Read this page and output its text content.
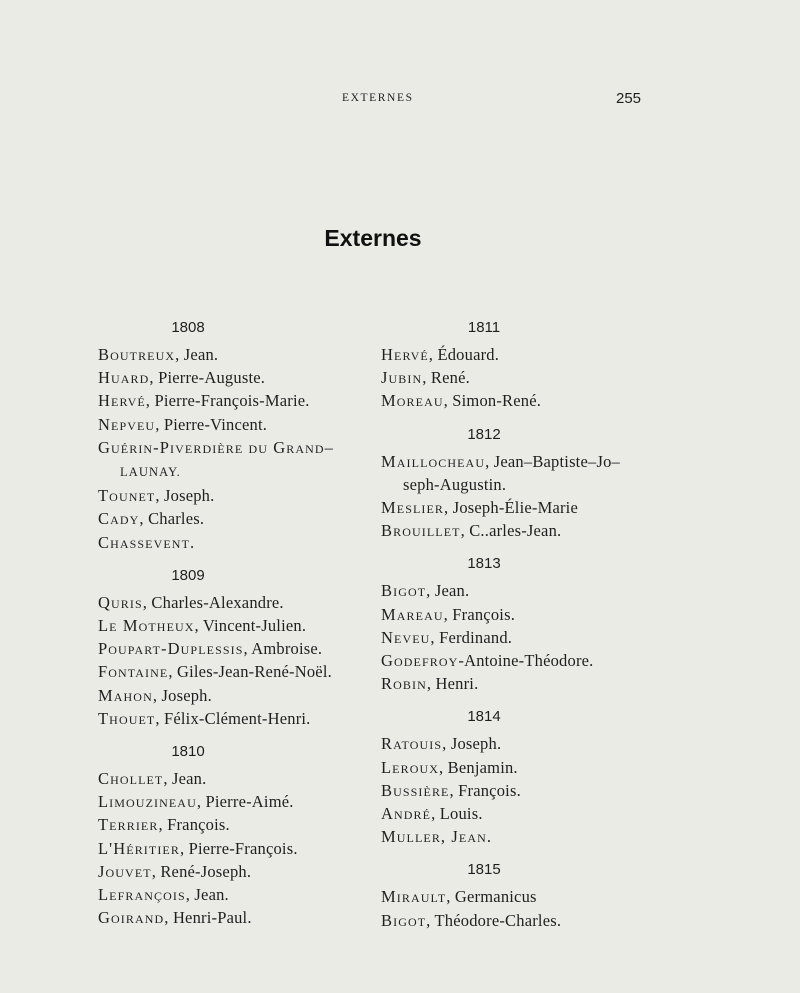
EXTERNES	255
Externes
1808
Boutreux, Jean.
Huard, Pierre-Auguste.
Hervé, Pierre-François-Marie.
Nepveu, Pierre-Vincent.
Guérin-Piverdière du Grand–
LAUNAY.
Tounet, Joseph.
Cady, Charles.
Chassevent.
1809
Quris, Charles-Alexandre.
Le Motheux, Vincent-Julien.
Poupart-Duplessis, Ambroise.
Fontaine, Giles-Jean-René-Noël.
Mahon, Joseph.
Thouet, Félix-Clément-Henri.
1810
Chollet, Jean.
Limouzineau, Pierre-Aimé.
Terrier, François.
L'Héritier, Pierre-François.
Jouvet, René-Joseph.
Lefrançois, Jean.
Goirand, Henri-Paul.
1811
Hervé, Édouard.
Jubin, René.
Moreau, Simon-René.
1812
Maillocheau, Jean–Baptiste–Jo–
seph-Augustin.
Meslier, Joseph-Élie-Marie
Brouillet, C..arles-Jean.
1813
Bigot, Jean.
Mareau, François.
Neveu, Ferdinand.
Godefroy-Antoine-Théodore.
Robin, Henri.
1814
Ratouis, Joseph.
Leroux, Benjamin.
Bussière, François.
André, Louis.
Muller, Jean.
1815
Mirault, Germanicus
Bigot, Théodore-Charles.
